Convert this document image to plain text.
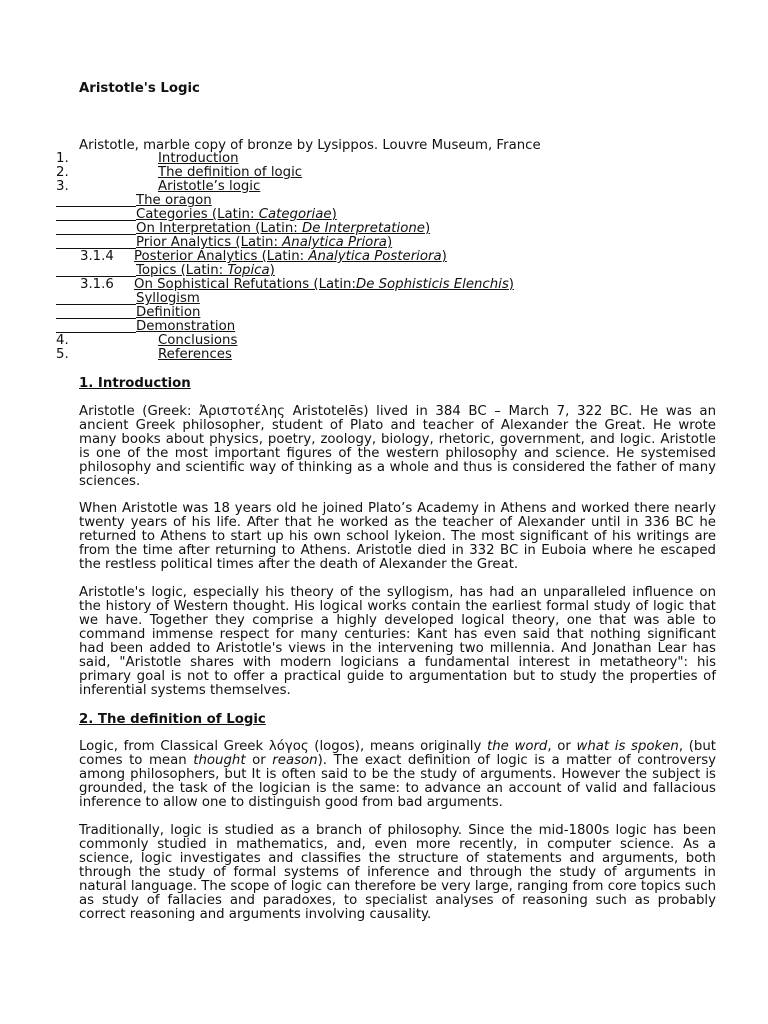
Aristotle's Logic
Aristotle, marble copy of bronze by Lysippos. Louvre Museum, France
1.	Introduction
2.	The definition of logic
3.	Aristotle’s logic
The oragon
Categories (Latin: Categoriae)
On Interpretation (Latin: De Interpretatione)
Prior Analytics (Latin: Analytica Priora)
3.1.4 Posterior Analytics (Latin: Analytica Posteriora)
Topics (Latin: Topica)
3.1.6 On Sophistical Refutations (Latin:De Sophisticis Elenchis)
Syllogism
Definition
Demonstration
4.	Conclusions
5.	References
1. Introduction

Aristotle (Greek: Ἀριστοτέλης Aristotelēs) lived in 384 BC – March 7, 322 BC. He was an ancient Greek philosopher, student of Plato and teacher of Alexander the Great. He wrote many books about physics, poetry, zoology, biology, rhetoric, government, and logic. Aristotle is one of the most important figures of the western philosophy and science. He systemised philosophy and scientific way of thinking as a whole and thus is considered the father of many sciences.

When Aristotle was 18 years old he joined Plato’s Academy in Athens and worked there nearly twenty years of his life. After that he worked as the teacher of Alexander until in 336 BC he returned to Athens to start up his own school lykeion. The most significant of his writings are from the time after returning to Athens. Aristotle died in 332 BC in Euboia where he escaped the restless political times after the death of Alexander the Great.

Aristotle's logic, especially his theory of the syllogism, has had an unparalleled influence on the history of Western thought. His logical works contain the earliest formal study of logic that we have. Together they comprise a highly developed logical theory, one that was able to command immense respect for many centuries: Kant has even said that nothing significant had been added to Aristotle's views in the intervening two millennia. And Jonathan Lear has said, "Aristotle shares with modern logicians a fundamental interest in metatheory": his primary goal is not to offer a practical guide to argumentation but to study the properties of inferential systems themselves.

2. The definition of Logic

Logic, from Classical Greek λόγος (logos), means originally the word, or what is spoken, (but comes to mean thought or reason). The exact definition of logic is a matter of controversy among philosophers, but It is often said to be the study of arguments. However the subject is grounded, the task of the logician is the same: to advance an account of valid and fallacious inference to allow one to distinguish good from bad arguments.

Traditionally, logic is studied as a branch of philosophy. Since the mid-1800s logic has been commonly studied in mathematics, and, even more recently, in computer science. As a science, logic investigates and classifies the structure of statements and arguments, both through the study of formal systems of inference and through the study of arguments in natural language. The scope of logic can therefore be very large, ranging from core topics such as study of fallacies and paradoxes, to specialist analyses of reasoning such as probably correct reasoning and arguments involving causality.
